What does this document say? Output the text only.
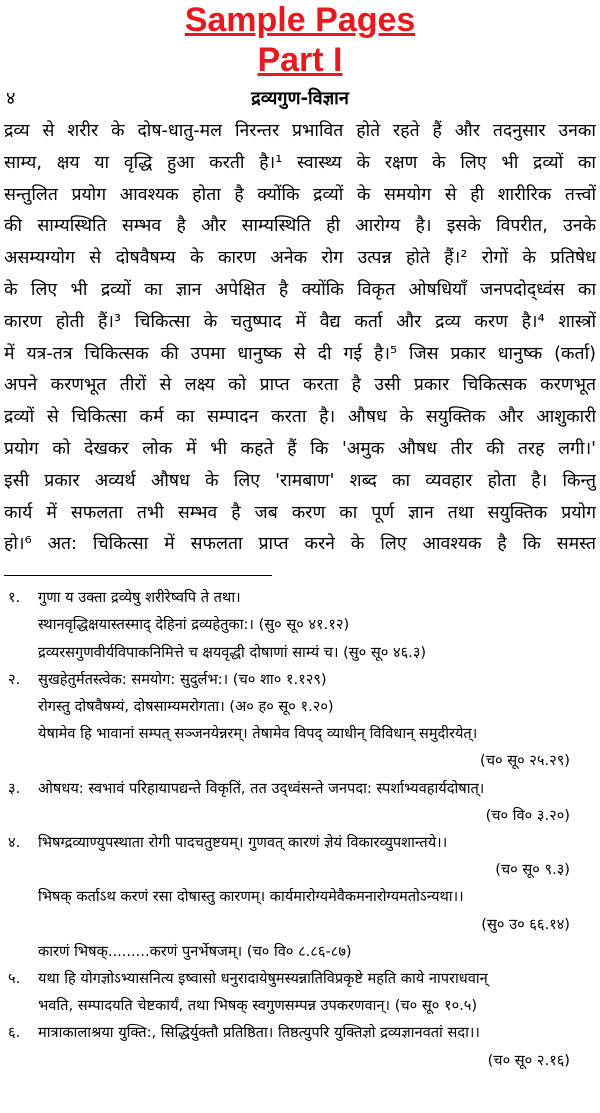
Sample Pages
Part I
४	द्रव्यगुण-विज्ञान
द्रव्य से शरीर के दोष-धातु-मल निरन्तर प्रभावित होते रहते हैं और तदनुसार उनका
साम्य, क्षय या वृद्धि हुआ करती है।¹ स्वास्थ्य के रक्षण के लिए भी द्रव्यों का
सन्तुलित प्रयोग आवश्यक होता है क्योंकि द्रव्यों के समयोग से ही शारीरिक तत्त्वों
की साम्यस्थिति सम्भव है और साम्यस्थिति ही आरोग्य है। इसके विपरीत, उनके
असम्यग्योग से दोषवैषम्य के कारण अनेक रोग उत्पन्न होते हैं।² रोगों के प्रतिषेध
के लिए भी द्रव्यों का ज्ञान अपेक्षित है क्योंकि विकृत ओषधियाँ जनपदोद्ध्वंस का
कारण होती हैं।³ चिकित्सा के चतुष्पाद में वैद्य कर्ता और द्रव्य करण है।⁴ शास्त्रों
में यत्र-तत्र चिकित्सक की उपमा धानुष्क से दी गई है।⁵ जिस प्रकार धानुष्क (कर्ता)
अपने करणभूत तीरों से लक्ष्य को प्राप्त करता है उसी प्रकार चिकित्सक करणभूत
द्रव्यों से चिकित्सा कर्म का सम्पादन करता है। औषध के सयुक्तिक और आशुकारी
प्रयोग को देखकर लोक में भी कहते हैं कि 'अमुक औषध तीर की तरह लगी।'
इसी प्रकार अव्यर्थ औषध के लिए 'रामबाण' शब्द का व्यवहार होता है। किन्तु
कार्य में सफलता तभी सम्भव है जब करण का पूर्ण ज्ञान तथा सयुक्तिक प्रयोग
हो।⁶ अत: चिकित्सा में सफलता प्राप्त करने के लिए आवश्यक है कि समस्त
१. गुणा य उक्ता द्रव्येषु शरीरेष्वपि ते तथा।
स्थानवृद्धिक्षयास्तस्माद् देहिनां द्रव्यहेतुका:। (सु० सू० ४१.१२)
द्रव्यरसगुणवीर्यविपाकनिमित्ते च क्षयवृद्धी दोषाणां साम्यं च। (सु० सू० ४६.३)
२. सुखहेतुर्मतस्त्वेक: समयोग: सुदुर्लभ:। (च० शा० १.१२९)
रोगस्तु दोषवैषम्यं, दोषसाम्यमरोगता। (अ० ह० सू० १.२०)
येषामेव हि भावानां सम्पत् सञ्जनयेन्नरम्। तेषामेव विपद् व्याधीन् विविधान् समुदीरयेत्।
(च० सू० २५.२९)
३. ओषधय: स्वभावं परिहायापद्यन्ते विकृतिं, तत उद्ध्वंसन्ते जनपदा: स्पर्शाभ्यवहार्यदोषात्।
(च० वि० ३.२०)
४. भिषग्द्रव्याण्युपस्थाता रोगी पादचतुष्टयम्। गुणवत् कारणं ज्ञेयं विकारव्युपशान्तये।।
(च० सू० ९.३)
भिषक् कर्ताऽथ करणं रसा दोषास्तु कारणम्। कार्यमारोग्यमेवैकमनारोग्यमतोऽन्यथा।।
(सु० उ० ६६.१४)
कारणं भिषक्.........करणं पुनर्भेषजम्। (च० वि० ८.८६-८७)
५. यथा हि योगज्ञोऽभ्यासनित्य इष्वासो धनुरादायेषुमस्यन्नातिविप्रकृष्टे महति काये नापराधवान्
भवति, सम्पादयति चेष्टकार्यं, तथा भिषक् स्वगुणसम्पन्न उपकरणवान्। (च० सू० १०.५)
६. मात्राकालाश्रया युक्ति:, सिद्धिर्युक्तौ प्रतिष्ठिता। तिष्ठत्युपरि युक्तिज्ञो द्रव्यज्ञानवतां सदा।।
(च० सू० २.१६)
